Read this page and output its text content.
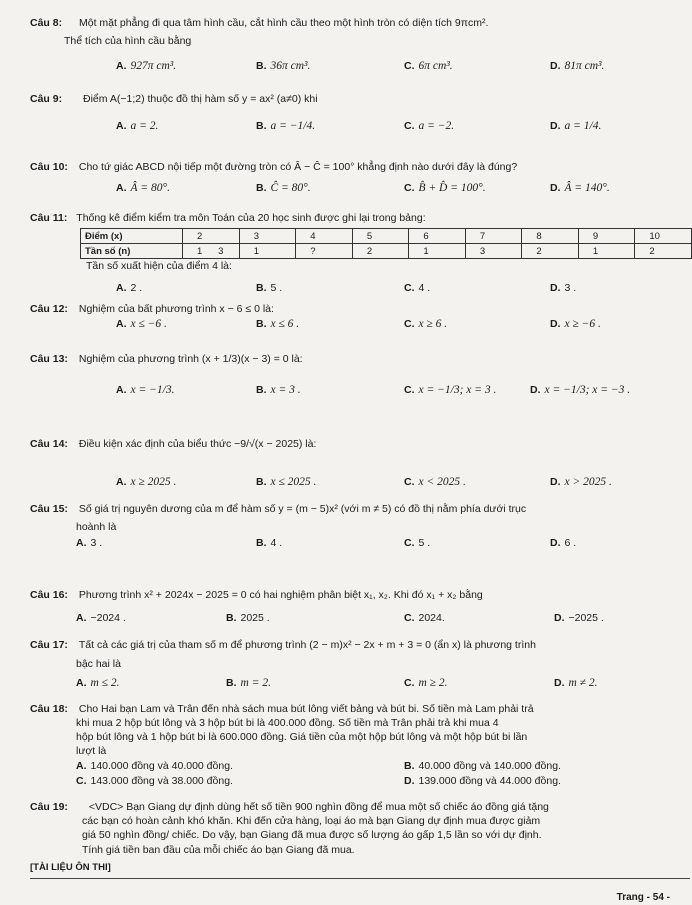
Câu 8: Một mặt phẳng đi qua tâm hình cầu, cắt hình cầu theo một hình tròn có diện tích 9πcm².
Thể tích của hình cầu bằng
A. 927π cm³.	B. 36π cm³.	C. 6π cm³.	D. 81π cm³.
Câu 9: Điểm A(−1;2) thuộc đồ thị hàm số y = ax² (a≠0) khi
A. a = 2.	B. a = −1/4.	C. a = −2.	D. a = 1/4.
Câu 10: Cho tứ giác ABCD nội tiếp một đường tròn có Â − Ĉ = 100° khẳng định nào dưới đây là đúng?
A. Â = 80°.	B. Ĉ = 80°.	C. B̂ + D̂ = 100°.	D. Â = 140°.
Câu 11: Thống kê điểm kiểm tra môn Toán của 20 học sinh được ghi lại trong bảng:
Điểm (x)	2	3	4	5	6	7	8	9	10
Tần số (n)	1 3	1	?	2	1	3	2	1	2
Tần số xuất hiện của điểm 4 là:
A. 2 .	B. 5 .	C. 4 .	D. 3 .
Câu 12: Nghiệm của bất phương trình x − 6 ≤ 0 là:
A. x ≤ −6 .	B. x ≤ 6 .	C. x ≥ 6 .	D. x ≥ −6 .
Câu 13: Nghiệm của phương trình (x + 1/3)(x − 3) = 0 là:
A. x = −1/3.	B. x = 3 .	C. x = −1/3; x = 3 .	D. x = −1/3; x = −3 .
Câu 14: Điều kiện xác định của biểu thức −9/√(x − 2025) là:
A. x ≥ 2025 .	B. x ≤ 2025 .	C. x < 2025 .	D. x > 2025 .
Câu 15: Số giá trị nguyên dương của m để hàm số y = (m − 5)x² (với m ≠ 5) có đồ thị nằm phía dưới trục
hoành là
A. 3 .	B. 4 .	C. 5 .	D. 6 .
Câu 16: Phương trình x² + 2024x − 2025 = 0 có hai nghiệm phân biệt x₁, x₂. Khi đó x₁ + x₂ bằng
A. −2024 .	B. 2025 .	C. 2024.	D. −2025 .
Câu 17: Tất cả các giá trị của tham số m để phương trình (2 − m)x² − 2x + m + 3 = 0 (ẩn x) là phương trình
bậc hai là
A. m ≤ 2.	B. m = 2.	C. m ≥ 2.	D. m ≠ 2.
Câu 18: Cho Hai bạn Lam và Trân đến nhà sách mua bút lông viết bảng và bút bi. Số tiền mà Lam phải trả
khi mua 2 hộp bút lông và 3 hộp bút bi là 400.000 đồng. Số tiền mà Trân phải trả khi mua 4
hộp bút lông và 1 hộp bút bi là 600.000 đồng. Giá tiền của một hộp bút lông và một hộp bút bi lần
lượt là
A. 140.000 đồng và 40.000 đồng.	B. 40.000 đồng và 140.000 đồng.
C. 143.000 đồng và 38.000 đồng.	D. 139.000 đồng và 44.000 đồng.
Câu 19: <VDC> Bạn Giang dự định dùng hết số tiền 900 nghìn đồng để mua một số chiếc áo đồng giá tặng
các bạn có hoàn cảnh khó khăn. Khi đến cửa hàng, loại áo mà bạn Giang dự định mua được giảm
giá 50 nghìn đồng/ chiếc. Do vậy, bạn Giang đã mua được số lượng áo gấp 1,5 lần so với dự định.
Tính giá tiền ban đầu của mỗi chiếc áo bạn Giang đã mua.
[TÀI LIỆU ÔN THI]
Trang - 54 -
